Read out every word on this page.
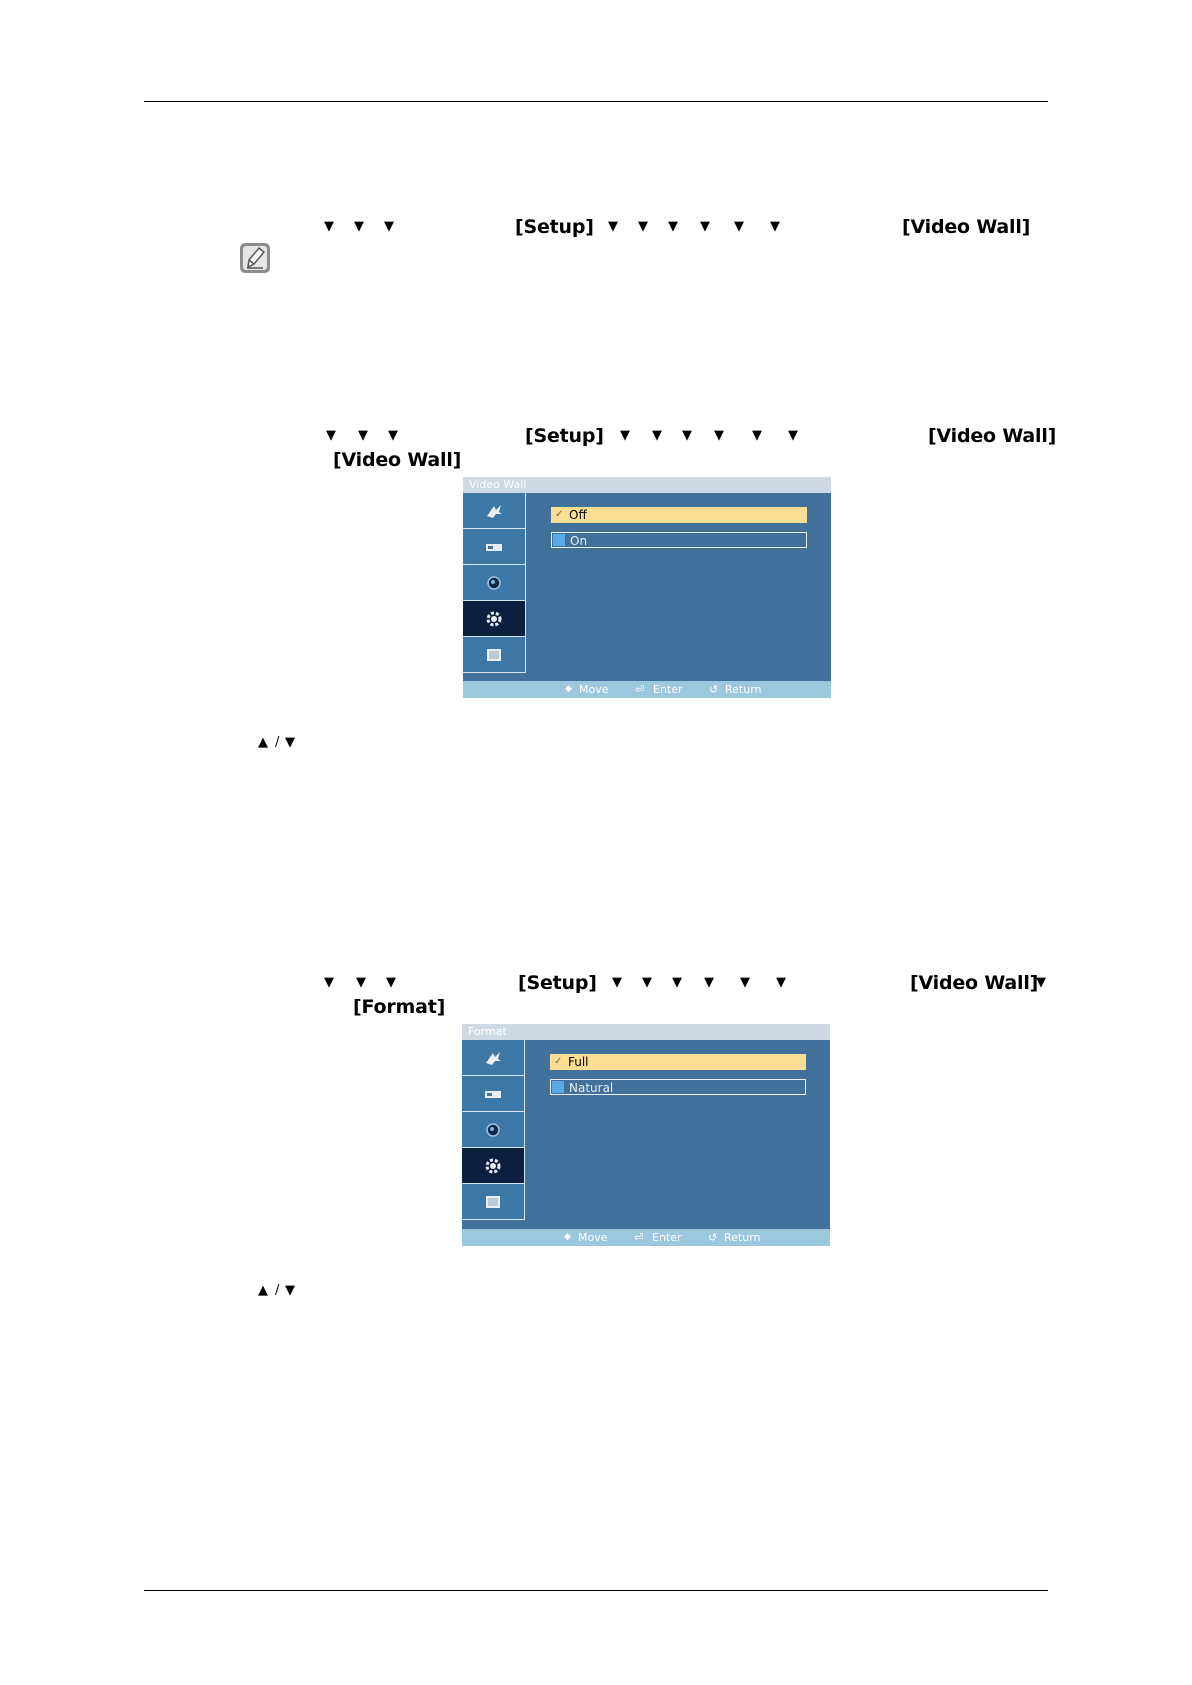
▼ ▼ ▼	[Setup] ▼ ▼ ▼ ▼ ▼ ▼	[Video Wall]
▼ ▼ ▼	[Setup] ▼ ▼ ▼ ▼ ▼ ▼	[Video Wall]
[Video Wall]
Video Wall
✓ Off
On
◆ Move ⏎ Enter ↺ Return
▲ / ▼
▼ ▼ ▼	[Setup] ▼ ▼ ▼ ▼ ▼ ▼	[Video Wall]
▼
[Format]
Format
✓ Full
Natural
◆ Move ⏎ Enter ↺ Return
▲ / ▼
